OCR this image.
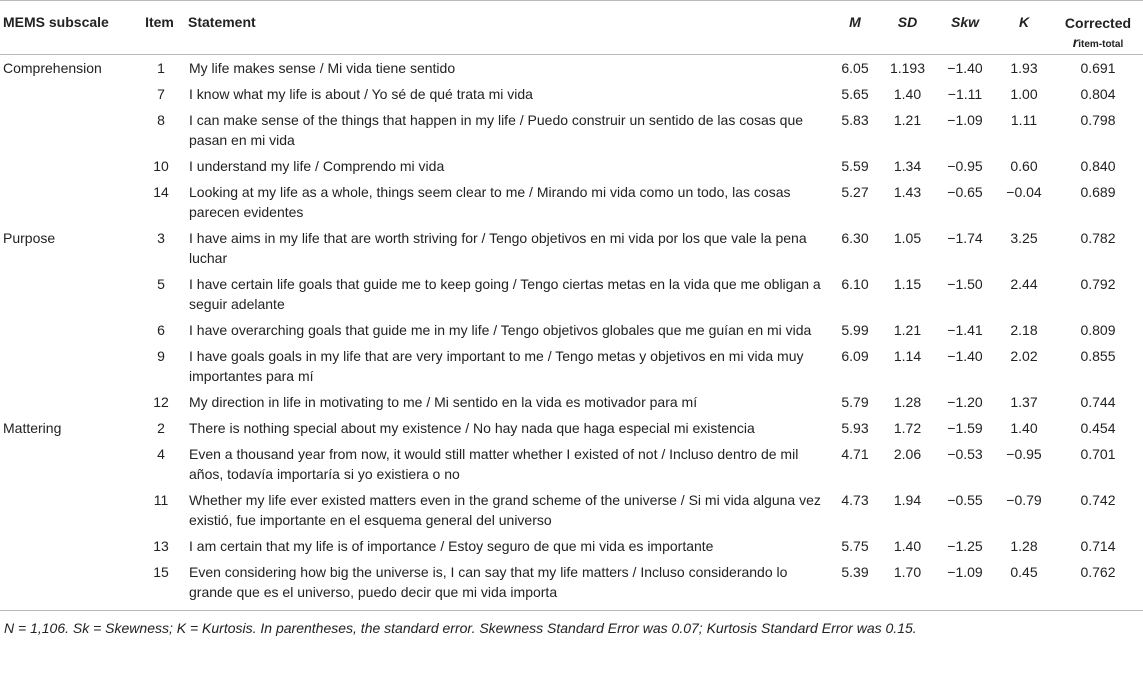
MEMS subscale	Item	Statement	M	SD	Skw	K	Corrected
ritem-total

Comprehension	1	My life makes sense / Mi vida tiene sentido	6.05	1.193	−1.40	1.93	0.691
	7	I know what my life is about / Yo sé de qué trata mi vida	5.65	1.40	−1.11	1.00	0.804
	8	I can make sense of the things that happen in my life / Puedo construir un sentido de las cosas que pasan en mi vida	5.83	1.21	−1.09	1.11	0.798
	10	I understand my life / Comprendo mi vida	5.59	1.34	−0.95	0.60	0.840
	14	Looking at my life as a whole, things seem clear to me / Mirando mi vida como un todo, las cosas parecen evidentes	5.27	1.43	−0.65	−0.04	0.689
Purpose	3	I have aims in my life that are worth striving for / Tengo objetivos en mi vida por los que vale la pena luchar	6.30	1.05	−1.74	3.25	0.782
	5	I have certain life goals that guide me to keep going / Tengo ciertas metas en la vida que me obligan a seguir adelante	6.10	1.15	−1.50	2.44	0.792
	6	I have overarching goals that guide me in my life / Tengo objetivos globales que me guían en mi vida	5.99	1.21	−1.41	2.18	0.809
	9	I have goals goals in my life that are very important to me / Tengo metas y objetivos en mi vida muy importantes para mí	6.09	1.14	−1.40	2.02	0.855
	12	My direction in life in motivating to me / Mi sentido en la vida es motivador para mí	5.79	1.28	−1.20	1.37	0.744
Mattering	2	There is nothing special about my existence / No hay nada que haga especial mi existencia	5.93	1.72	−1.59	1.40	0.454
	4	Even a thousand year from now, it would still matter whether I existed of not / Incluso dentro de mil años, todavía importaría si yo existiera o no	4.71	2.06	−0.53	−0.95	0.701
	11	Whether my life ever existed matters even in the grand scheme of the universe / Si mi vida alguna vez existió, fue importante en el esquema general del universo	4.73	1.94	−0.55	−0.79	0.742
	13	I am certain that my life is of importance / Estoy seguro de que mi vida es importante	5.75	1.40	−1.25	1.28	0.714
	15	Even considering how big the universe is, I can say that my life matters / Incluso considerando lo grande que es el universo, puedo decir que mi vida importa	5.39	1.70	−1.09	0.45	0.762
N = 1,106. Sk = Skewness; K = Kurtosis. In parentheses, the standard error. Skewness Standard Error was 0.07; Kurtosis Standard Error was 0.15.
